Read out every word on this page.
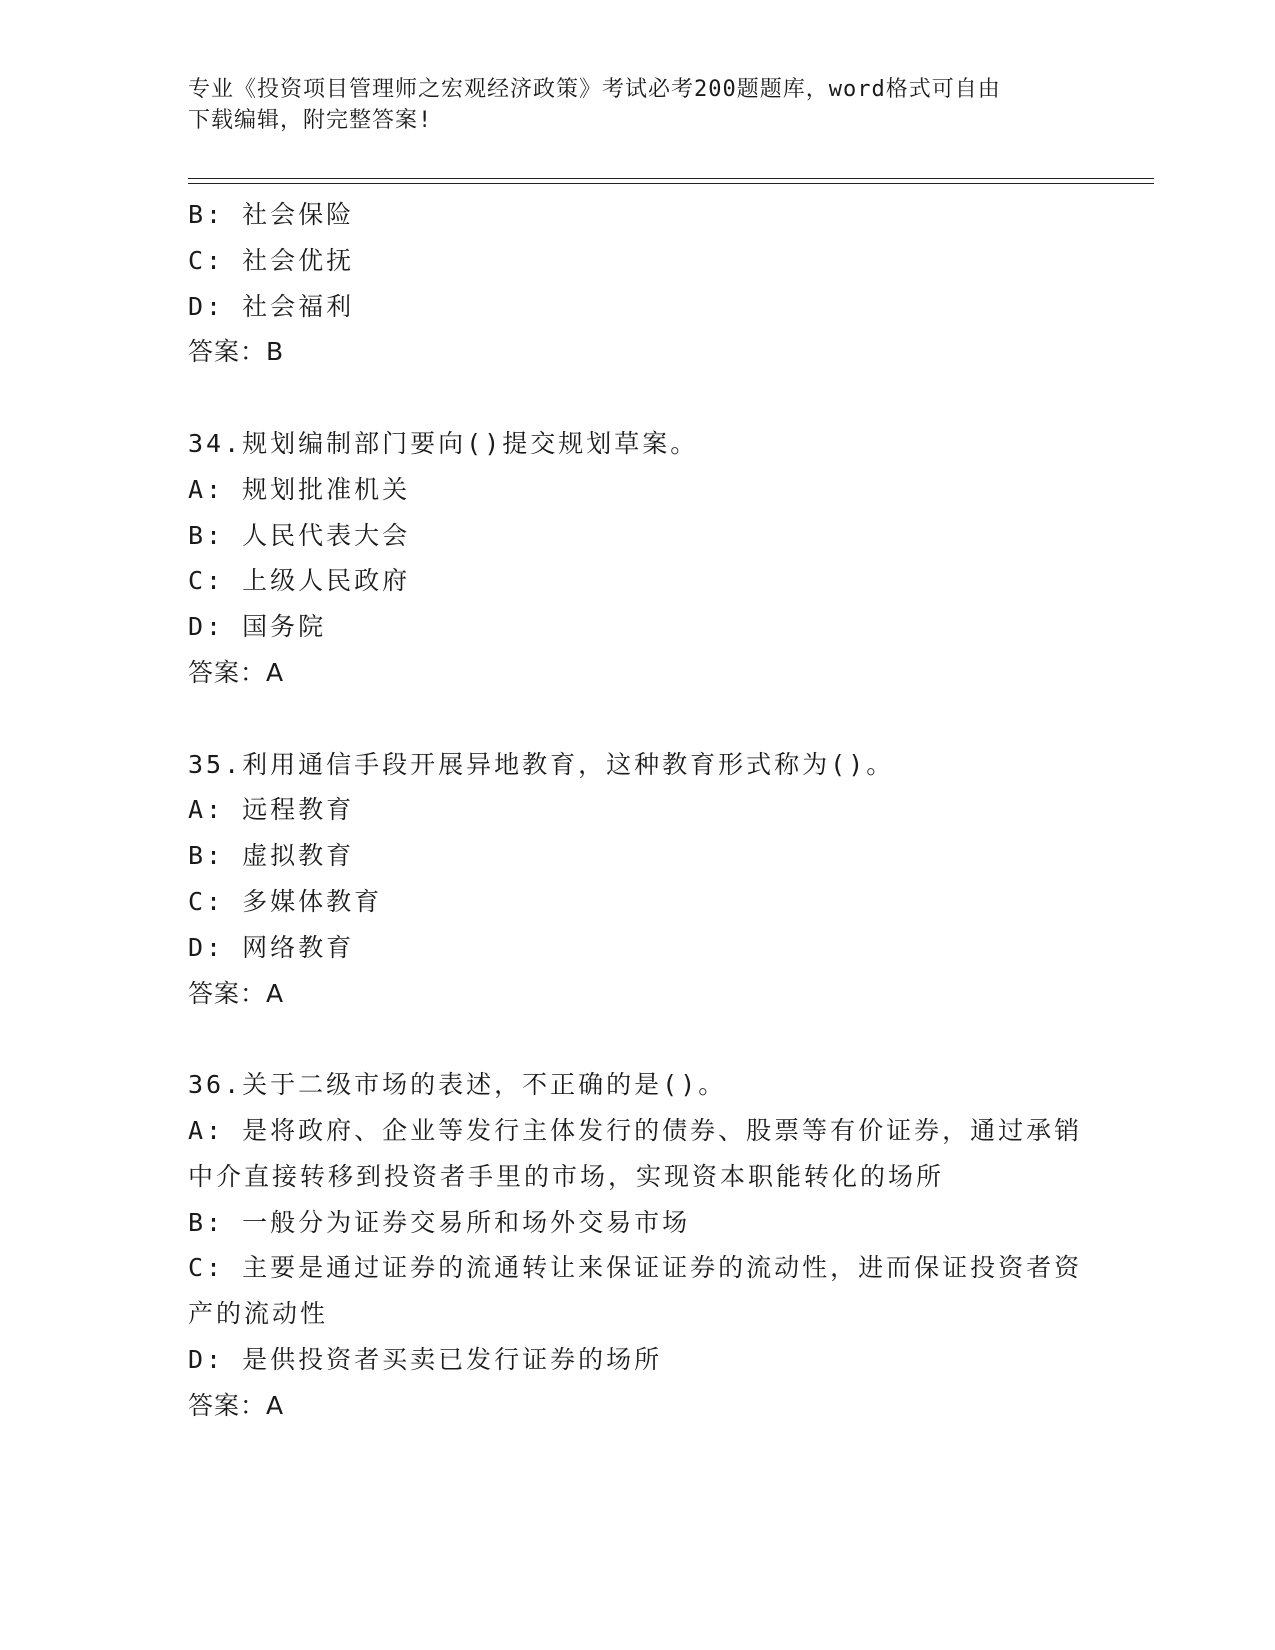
专业《投资项目管理师之宏观经济政策》考试必考200题题库，word格式可自由

下载编辑，附完整答案!

B: 社会保险

C: 社会优抚

D: 社会福利

答案：B

34.规划编制部门要向()提交规划草案。

A: 规划批准机关

B: 人民代表大会

C: 上级人民政府

D: 国务院

答案：A

35.利用通信手段开展异地教育，这种教育形式称为()。

A: 远程教育

B: 虚拟教育

C: 多媒体教育

D: 网络教育

答案：A

36.关于二级市场的表述，不正确的是()。

A: 是将政府、企业等发行主体发行的债券、股票等有价证券，通过承销中介直接转移到投资者手里的市场，实现资本职能转化的场所

B: 一般分为证券交易所和场外交易市场

C: 主要是通过证券的流通转让来保证证券的流动性，进而保证投资者资产的流动性

D: 是供投资者买卖已发行证券的场所

答案：A
